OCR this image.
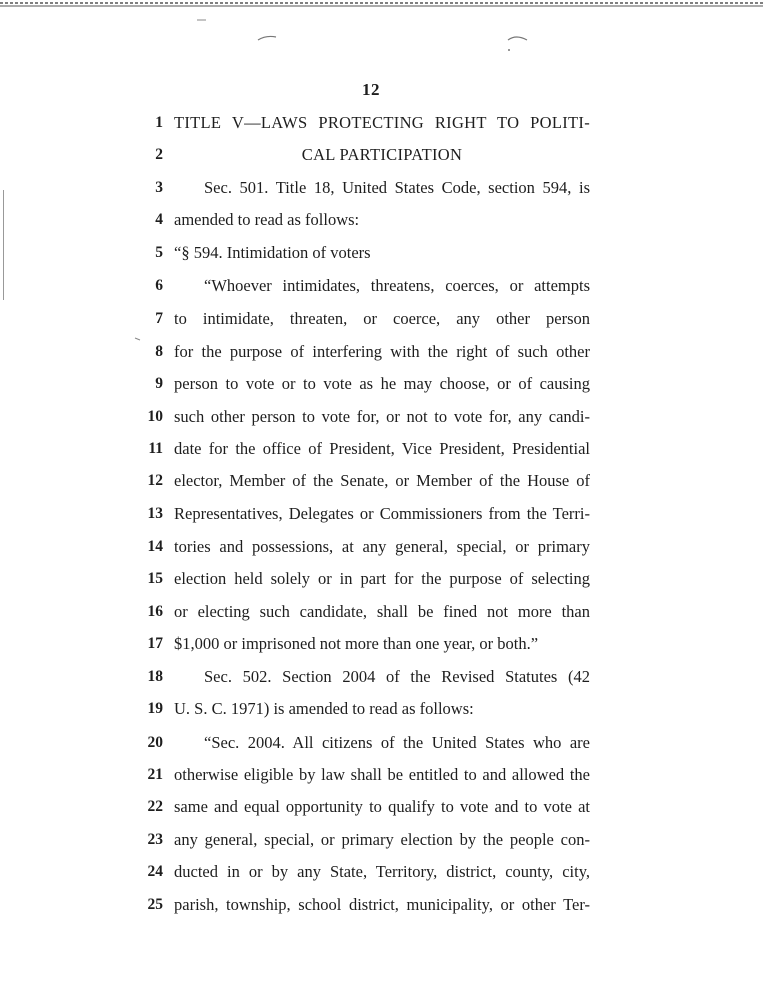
12
1 TITLE V—LAWS PROTECTING RIGHT TO POLITI-
2	CAL PARTICIPATION
3	Sec. 501. Title 18, United States Code, section 594, is
4 amended to read as follows:
5 “§ 594. Intimidation of voters
6	“Whoever intimidates, threatens, coerces, or attempts
7 to intimidate, threaten, or coerce, any other person
8 for the purpose of interfering with the right of such other
9 person to vote or to vote as he may choose, or of causing
10 such other person to vote for, or not to vote for, any candi-
11 date for the office of President, Vice President, Presidential
12 elector, Member of the Senate, or Member of the House of
13 Representatives, Delegates or Commissioners from the Terri-
14 tories and possessions, at any general, special, or primary
15 election held solely or in part for the purpose of selecting
16 or electing such candidate, shall be fined not more than
17 $1,000 or imprisoned not more than one year, or both.”
18	Sec. 502. Section 2004 of the Revised Statutes (42
19 U. S. C. 1971) is amended to read as follows:
20	“Sec. 2004. All citizens of the United States who are
21 otherwise eligible by law shall be entitled to and allowed the
22 same and equal opportunity to qualify to vote and to vote at
23 any general, special, or primary election by the people con-
24 ducted in or by any State, Territory, district, county, city,
25 parish, township, school district, municipality, or other Ter-
